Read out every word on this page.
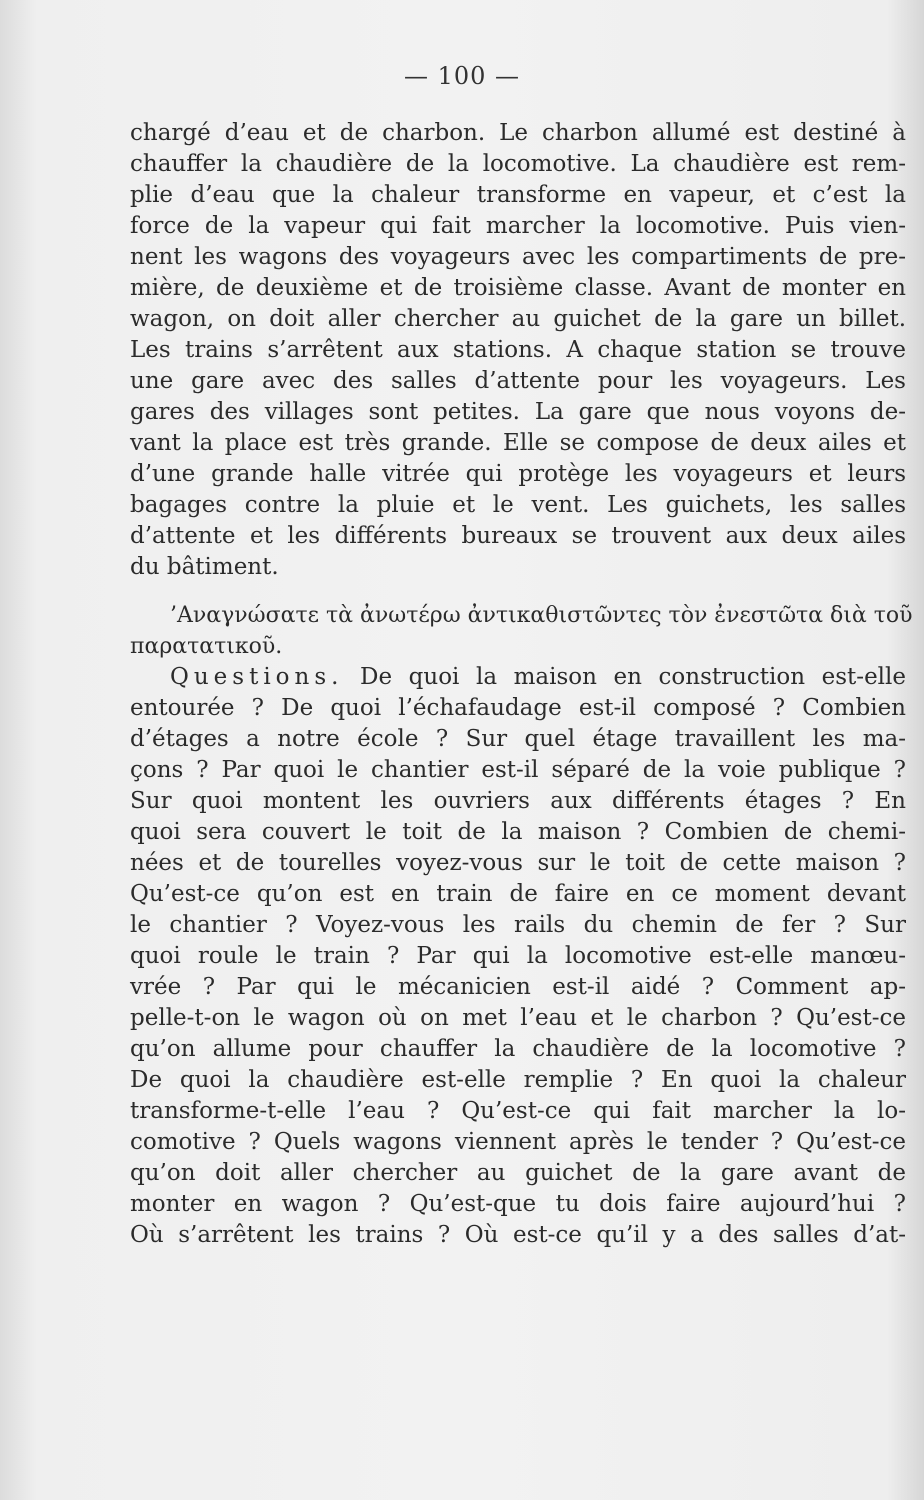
— 100 —
chargé d’eau et de charbon. Le charbon allumé est destiné à
chauffer la chaudière de la locomotive. La chaudière est rem-
plie d’eau que la chaleur transforme en vapeur, et c’est la
force de la vapeur qui fait marcher la locomotive. Puis vien-
nent les wagons des voyageurs avec les compartiments de pre-
mière, de deuxième et de troisième classe. Avant de monter en
wagon, on doit aller chercher au guichet de la gare un billet.
Les trains s’arrêtent aux stations. A chaque station se trouve
une gare avec des salles d’attente pour les voyageurs. Les
gares des villages sont petites. La gare que nous voyons de-
vant la place est très grande. Elle se compose de deux ailes et
d’une grande halle vitrée qui protège les voyageurs et leurs
bagages contre la pluie et le vent. Les guichets, les salles
d’attente et les différents bureaux se trouvent aux deux ailes
du bâtiment.
’Αναγνώσατε τὰ ἀνωτέρω ἀντικαθιστῶντες τὸν ἐνεστῶτα διὰ τοῦ
παρατατικοῦ.
Questions. De quoi la maison en construction est-elle
entourée ? De quoi l’échafaudage est-il composé ? Combien
d’étages a notre école ? Sur quel étage travaillent les ma-
çons ? Par quoi le chantier est-il séparé de la voie publique ?
Sur quoi montent les ouvriers aux différents étages ? En
quoi sera couvert le toit de la maison ? Combien de chemi-
nées et de tourelles voyez-vous sur le toit de cette maison ?
Qu’est-ce qu’on est en train de faire en ce moment devant
le chantier ? Voyez-vous les rails du chemin de fer ? Sur
quoi roule le train ? Par qui la locomotive est-elle manœu-
vrée ? Par qui le mécanicien est-il aidé ? Comment ap-
pelle-t-on le wagon où on met l’eau et le charbon ? Qu’est-ce
qu’on allume pour chauffer la chaudière de la locomotive ?
De quoi la chaudière est-elle remplie ? En quoi la chaleur
transforme-t-elle l’eau ? Qu’est-ce qui fait marcher la lo-
comotive ? Quels wagons viennent après le tender ? Qu’est-ce
qu’on doit aller chercher au guichet de la gare avant de
monter en wagon ? Qu’est-que tu dois faire aujourd’hui ?
Où s’arrêtent les trains ? Où est-ce qu’il y a des salles d’at-
